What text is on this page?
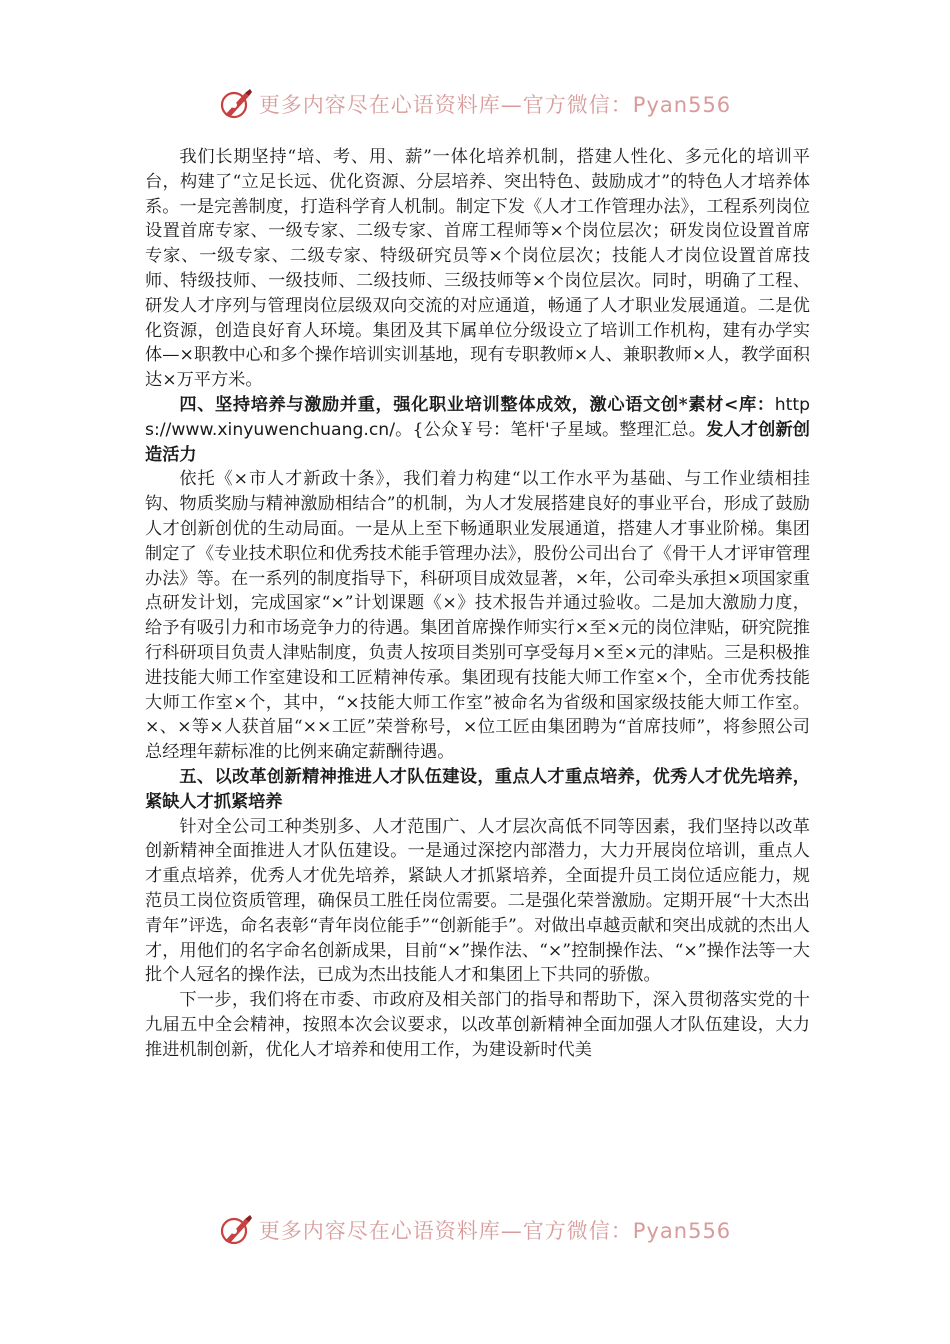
更多内容尽在心语资料库—官方微信：Pyan556

我们长期坚持“培、考、用、薪”一体化培养机制，搭建人性化、多元化的培训平台，构建了“立足长远、优化资源、分层培养、突出特色、鼓励成才”的特色人才培养体系。一是完善制度，打造科学育人机制。制定下发《人才工作管理办法》，工程系列岗位设置首席专家、一级专家、二级专家、首席工程师等×个岗位层次；研发岗位设置首席专家、一级专家、二级专家、特级研究员等×个岗位层次；技能人才岗位设置首席技师、特级技师、一级技师、二级技师、三级技师等×个岗位层次。同时，明确了工程、研发人才序列与管理岗位层级双向交流的对应通道，畅通了人才职业发展通道。二是优化资源，创造良好育人环境。集团及其下属单位分级设立了培训工作机构，建有办学实体—×职教中心和多个操作培训实训基地，现有专职教师×人、兼职教师×人，教学面积达×万平方米。

四、坚持培养与激励并重，强化职业培训整体成效，激心语文创*素材<库：https://www.xinyuwenchuang.cn/。{公众￥号：笔杆'子星域。整理汇总。发人才创新创造活力

依托《×市人才新政十条》，我们着力构建“以工作水平为基础、与工作业绩相挂钩、物质奖励与精神激励相结合”的机制，为人才发展搭建良好的事业平台，形成了鼓励人才创新创优的生动局面。一是从上至下畅通职业发展通道，搭建人才事业阶梯。集团制定了《专业技术职位和优秀技术能手管理办法》，股份公司出台了《骨干人才评审管理办法》等。在一系列的制度指导下，科研项目成效显著，×年，公司牵头承担×项国家重点研发计划，完成国家“×”计划课题《×》技术报告并通过验收。二是加大激励力度，给予有吸引力和市场竞争力的待遇。集团首席操作师实行×至×元的岗位津贴，研究院推行科研项目负责人津贴制度，负责人按项目类别可享受每月×至×元的津贴。三是积极推进技能大师工作室建设和工匠精神传承。集团现有技能大师工作室×个，全市优秀技能大师工作室×个，其中，“×技能大师工作室”被命名为省级和国家级技能大师工作室。×、×等×人获首届“××工匠”荣誉称号，×位工匠由集团聘为“首席技师”，将参照公司总经理年薪标准的比例来确定薪酬待遇。

五、以改革创新精神推进人才队伍建设，重点人才重点培养，优秀人才优先培养，紧缺人才抓紧培养

针对全公司工种类别多、人才范围广、人才层次高低不同等因素，我们坚持以改革创新精神全面推进人才队伍建设。一是通过深挖内部潜力，大力开展岗位培训，重点人才重点培养，优秀人才优先培养，紧缺人才抓紧培养，全面提升员工岗位适应能力，规范员工岗位资质管理，确保员工胜任岗位需要。二是强化荣誉激励。定期开展“十大杰出青年”评选，命名表彰“青年岗位能手”“创新能手”。对做出卓越贡献和突出成就的杰出人才，用他们的名字命名创新成果，目前“×”操作法、“×”控制操作法、“×”操作法等一大批个人冠名的操作法，已成为杰出技能人才和集团上下共同的骄傲。

下一步，我们将在市委、市政府及相关部门的指导和帮助下，深入贯彻落实党的十九届五中全会精神，按照本次会议要求，以改革创新精神全面加强人才队伍建设，大力推进机制创新，优化人才培养和使用工作，为建设新时代美

更多内容尽在心语资料库—官方微信：Pyan556
